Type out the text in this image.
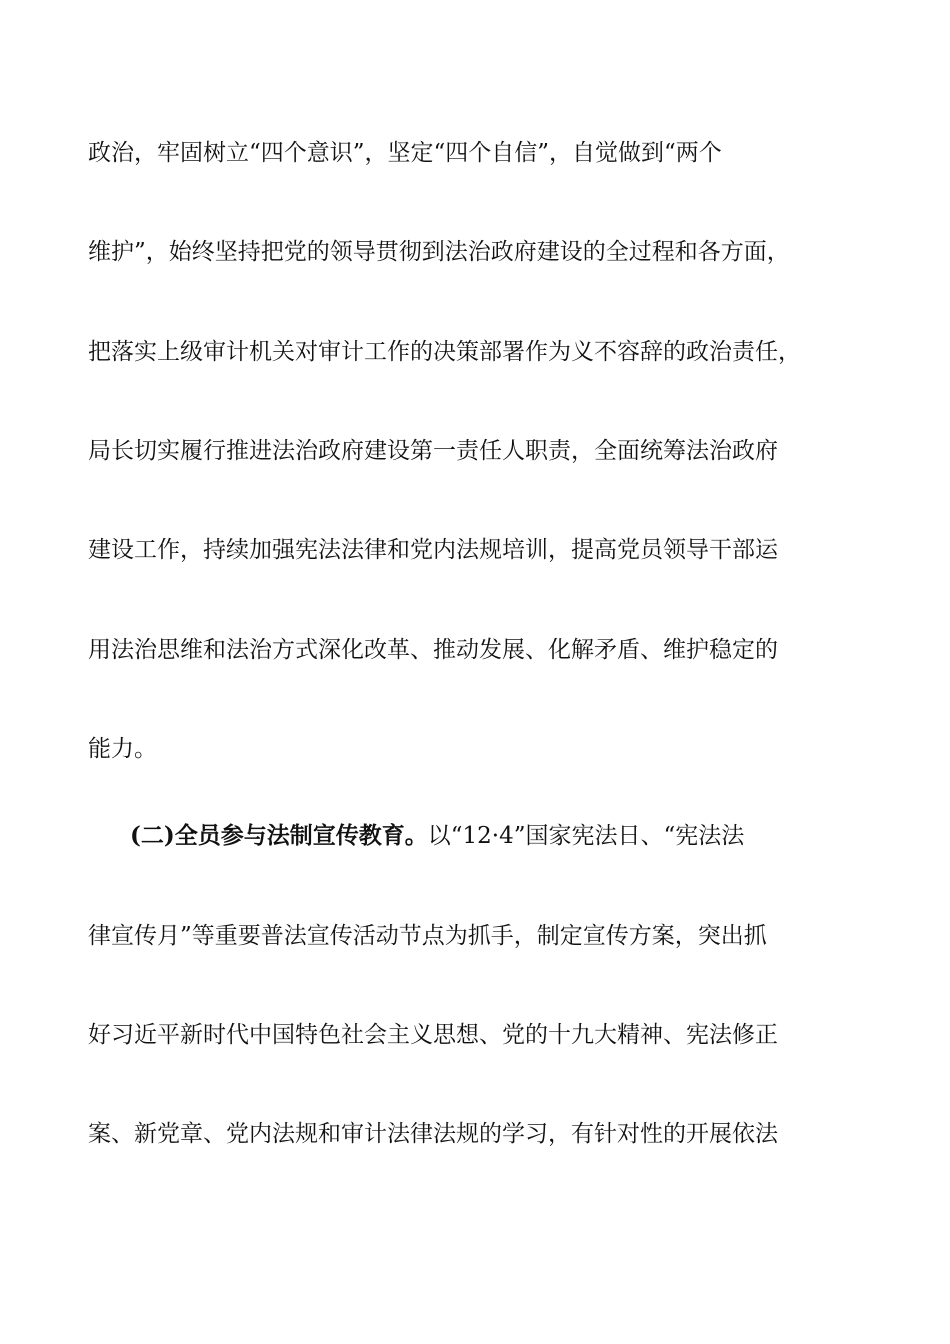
政治，牢固树立“四个意识”，坚定“四个自信”，自觉做到“两个
维护”，始终坚持把党的领导贯彻到法治政府建设的全过程和各方面，
把落实上级审计机关对审计工作的决策部署作为义不容辞的政治责任，
局长切实履行推进法治政府建设第一责任人职责，全面统筹法治政府
建设工作，持续加强宪法法律和党内法规培训，提高党员领导干部运
用法治思维和法治方式深化改革、推动发展、化解矛盾、维护稳定的
能力。
(二)全员参与法制宣传教育。以“12·4”国家宪法日、“宪法法
律宣传月”等重要普法宣传活动节点为抓手，制定宣传方案，突出抓
好习近平新时代中国特色社会主义思想、党的十九大精神、宪法修正
案、新党章、党内法规和审计法律法规的学习，有针对性的开展依法
